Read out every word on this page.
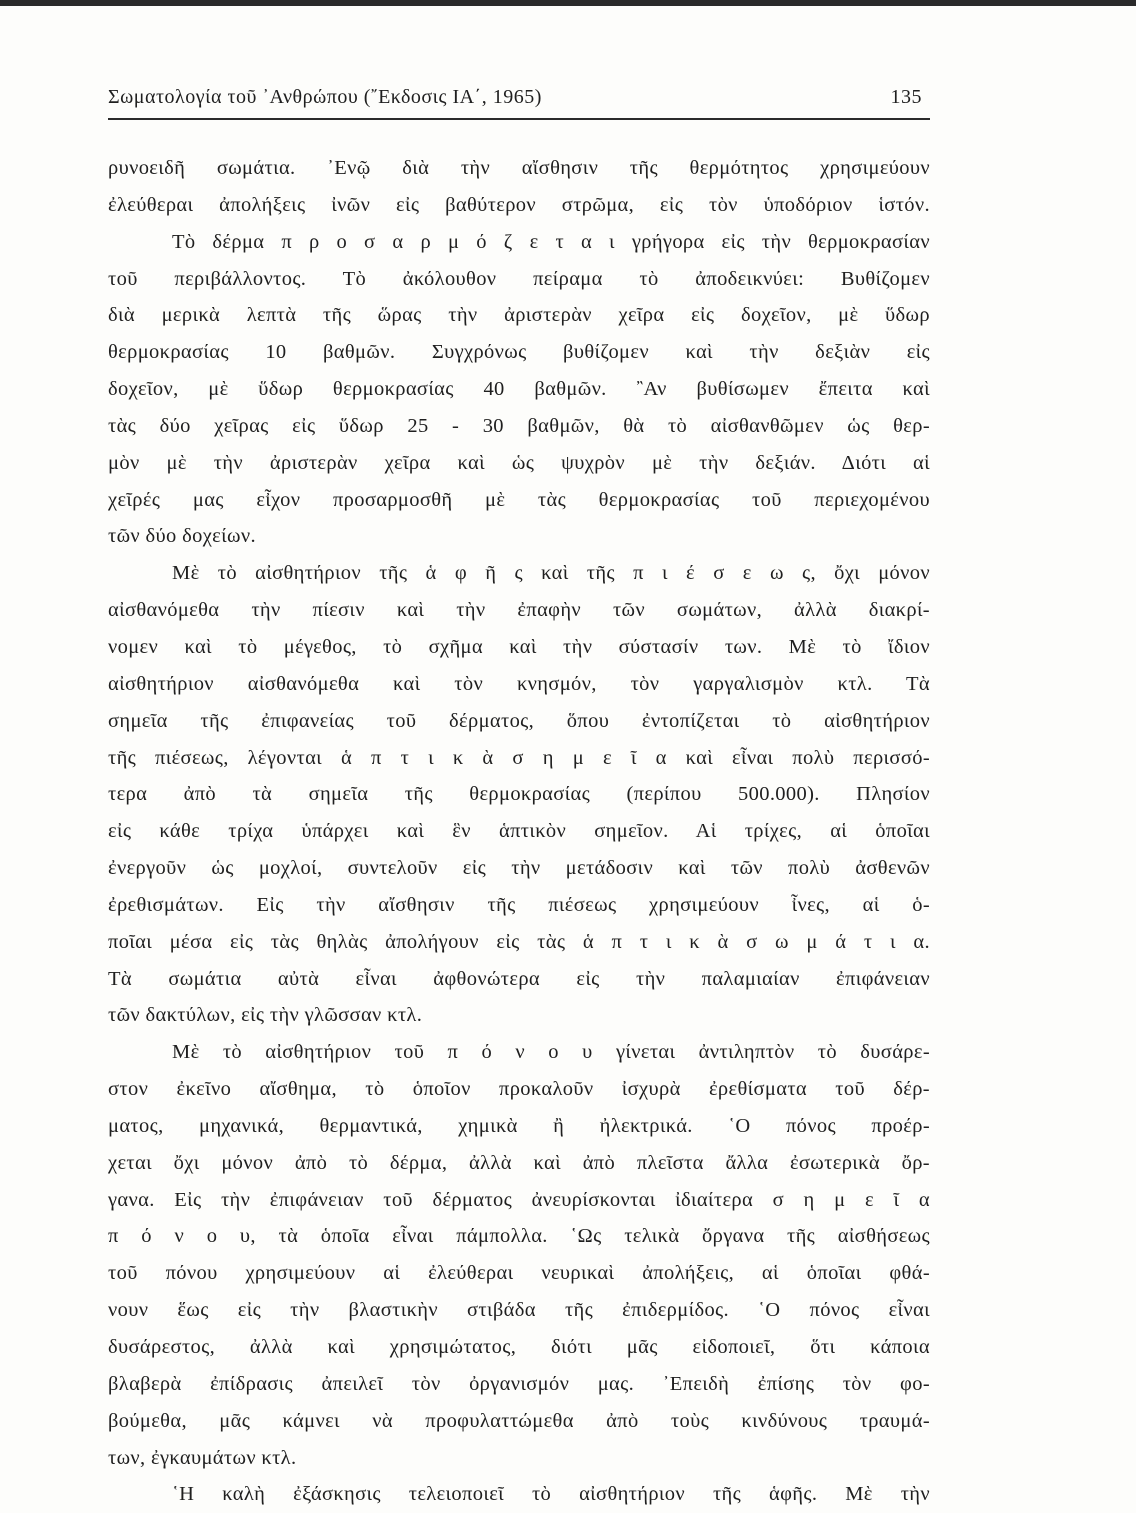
Σωματολογία τοῦ ᾿Ανθρώπου (῎Εκδοσις ΙΑ΄, 1965)	135
ρυνοειδῆ σωμάτια. ᾿Ενῷ διὰ τὴν αἴσθησιν τῆς θερμότητος χρησιμεύουν
ἐλεύθεραι ἀπολήξεις ἰνῶν εἰς βαθύτερον στρῶμα, εἰς τὸν ὑποδόριον ἱστόν.
Τὸ δέρμα π ρ ο σ α ρ μ ό ζ ε τ α ι γρήγορα εἰς τὴν θερμοκρασίαν
τοῦ περιβάλλοντος. Τὸ ἀκόλουθον πείραμα τὸ ἀποδεικνύει: Βυθίζομεν
διὰ μερικὰ λεπτὰ τῆς ὥρας τὴν ἀριστερὰν χεῖρα εἰς δοχεῖον, μὲ ὕδωρ
θερμοκρασίας 10 βαθμῶν. Συγχρόνως βυθίζομεν καὶ τὴν δεξιὰν εἰς
δοχεῖον, μὲ ὕδωρ θερμοκρασίας 40 βαθμῶν. ῍Αν βυθίσωμεν ἔπειτα καὶ
τὰς δύο χεῖρας εἰς ὕδωρ 25 - 30 βαθμῶν, θὰ τὸ αἰσθανθῶμεν ὡς θερ-
μὸν μὲ τὴν ἀριστερὰν χεῖρα καὶ ὡς ψυχρὸν μὲ τὴν δεξιάν. Διότι αἱ
χεῖρές μας εἶχον προσαρμοσθῆ μὲ τὰς θερμοκρασίας τοῦ περιεχομένου
τῶν δύο δοχείων.
Μὲ τὸ αἰσθητήριον τῆς ἁ φ ῆ ς καὶ τῆς π ι έ σ ε ω ς, ὄχι μόνον
αἰσθανόμεθα τὴν πίεσιν καὶ τὴν ἐπαφὴν τῶν σωμάτων, ἀλλὰ διακρί-
νομεν καὶ τὸ μέγεθος, τὸ σχῆμα καὶ τὴν σύστασίν των. Μὲ τὸ ἴδιον
αἰσθητήριον αἰσθανόμεθα καὶ τὸν κνησμόν, τὸν γαργαλισμὸν κτλ. Τὰ
σημεῖα τῆς ἐπιφανείας τοῦ δέρματος, ὅπου ἐντοπίζεται τὸ αἰσθητήριον
τῆς πιέσεως, λέγονται ἁ π τ ι κ ὰ σ η μ ε ῖ α καὶ εἶναι πολὺ περισσό-
τερα ἀπὸ τὰ σημεῖα τῆς θερμοκρασίας (περίπου 500.000). Πλησίον
εἰς κάθε τρίχα ὑπάρχει καὶ ἓν ἁπτικὸν σημεῖον. Αἱ τρίχες, αἱ ὁποῖαι
ἐνεργοῦν ὡς μοχλοί, συντελοῦν εἰς τὴν μετάδοσιν καὶ τῶν πολὺ ἀσθενῶν
ἐρεθισμάτων. Εἰς τὴν αἴσθησιν τῆς πιέσεως χρησιμεύουν ἶνες, αἱ ὁ-
ποῖαι μέσα εἰς τὰς θηλὰς ἀπολήγουν εἰς τὰς ἁ π τ ι κ ὰ σ ω μ ά τ ι α.
Τὰ σωμάτια αὐτὰ εἶναι ἀφθονώτερα εἰς τὴν παλαμιαίαν ἐπιφάνειαν
τῶν δακτύλων, εἰς τὴν γλῶσσαν κτλ.
Μὲ τὸ αἰσθητήριον τοῦ π ό ν ο υ γίνεται ἀντιληπτὸν τὸ δυσάρε-
στον ἐκεῖνο αἴσθημα, τὸ ὁποῖον προκαλοῦν ἰσχυρὰ ἐρεθίσματα τοῦ δέρ-
ματος, μηχανικά, θερμαντικά, χημικὰ ἢ ἠλεκτρικά. ῾Ο πόνος προέρ-
χεται ὄχι μόνον ἀπὸ τὸ δέρμα, ἀλλὰ καὶ ἀπὸ πλεῖστα ἄλλα ἐσωτερικὰ ὄρ-
γανα. Εἰς τὴν ἐπιφάνειαν τοῦ δέρματος ἀνευρίσκονται ἰδιαίτερα σ η μ ε ῖ α
π ό ν ο υ, τὰ ὁποῖα εἶναι πάμπολλα. ῾Ως τελικὰ ὄργανα τῆς αἰσθήσεως
τοῦ πόνου χρησιμεύουν αἱ ἐλεύθεραι νευρικαὶ ἀπολήξεις, αἱ ὁποῖαι φθά-
νουν ἕως εἰς τὴν βλαστικὴν στιβάδα τῆς ἐπιδερμίδος. ῾Ο πόνος εἶναι
δυσάρεστος, ἀλλὰ καὶ χρησιμώτατος, διότι μᾶς εἰδοποιεῖ, ὅτι κάποια
βλαβερὰ ἐπίδρασις ἀπειλεῖ τὸν ὀργανισμόν μας. ᾿Επειδὴ ἐπίσης τὸν φο-
βούμεθα, μᾶς κάμνει νὰ προφυλαττώμεθα ἀπὸ τοὺς κινδύνους τραυμά-
των, ἐγκαυμάτων κτλ.
῾Η καλὴ ἐξάσκησις τελειοποιεῖ τὸ αἰσθητήριον τῆς ἁφῆς. Μὲ τὴν
